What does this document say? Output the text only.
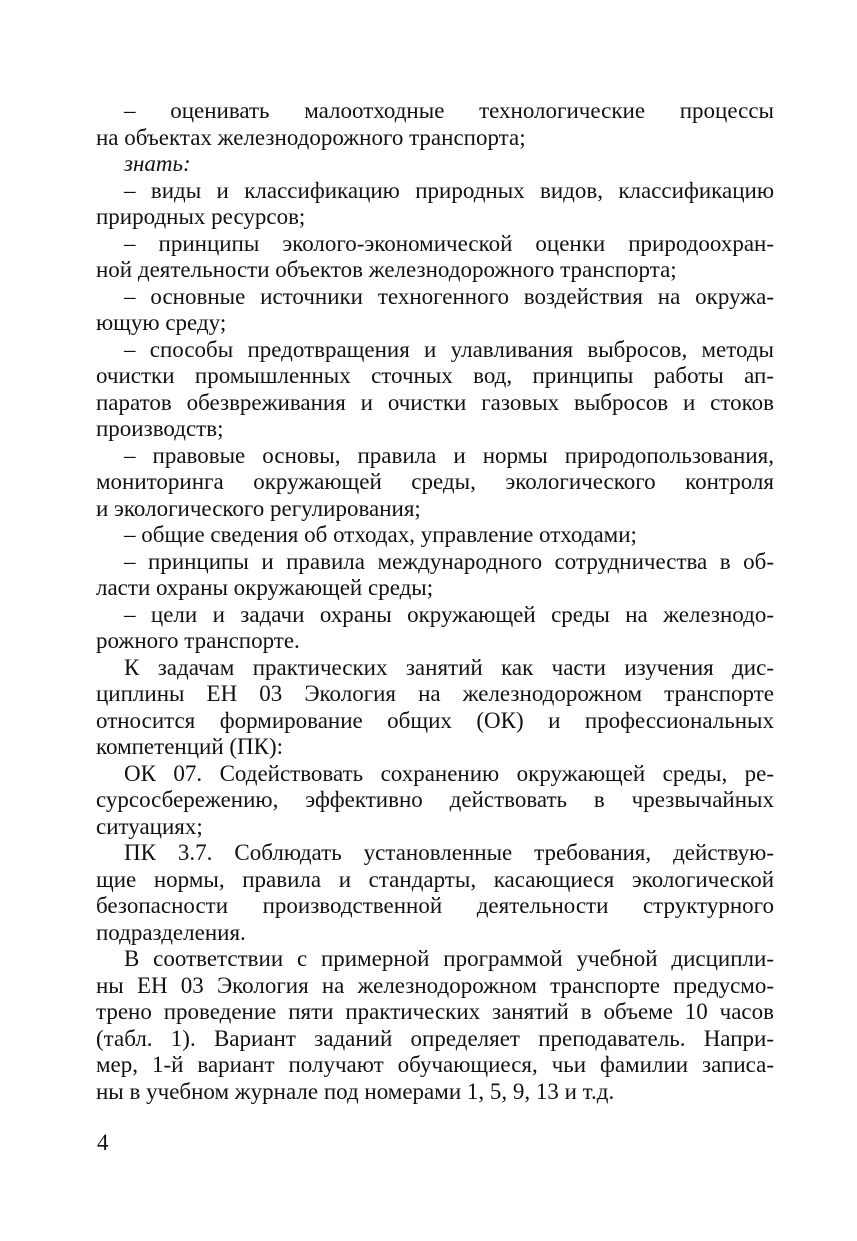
– оценивать малоотходные технологические процессы
на объектах железнодорожного транспорта;
знать:
– виды и классификацию природных видов, классификацию
природных ресурсов;
– принципы эколого-экономической оценки природоохран-
ной деятельности объектов железнодорожного транспорта;
– основные источники техногенного воздействия на окружа-
ющую среду;
– способы предотвращения и улавливания выбросов, методы
очистки промышленных сточных вод, принципы работы ап-
паратов обезвреживания и очистки газовых выбросов и стоков
производств;
– правовые основы, правила и нормы природопользования,
мониторинга окружающей среды, экологического контроля
и экологического регулирования;
– общие сведения об отходах, управление отходами;
– принципы и правила международного сотрудничества в об-
ласти охраны окружающей среды;
– цели и задачи охраны окружающей среды на железнодо-
рожного транспорте.
К задачам практических занятий как части изучения дис-
циплины ЕН 03 Экология на железнодорожном транспорте
относится формирование общих (ОК) и профессиональных
компетенций (ПК):
ОК 07. Содействовать сохранению окружающей среды, ре-
сурсосбережению, эффективно действовать в чрезвычайных
ситуациях;
ПК 3.7. Соблюдать установленные требования, действую-
щие нормы, правила и стандарты, касающиеся экологической
безопасности производственной деятельности структурного
подразделения.
В соответствии с примерной программой учебной дисципли-
ны ЕН 03 Экология на железнодорожном транспорте предусмо-
трено проведение пяти практических занятий в объеме 10 часов
(табл. 1). Вариант заданий определяет преподаватель. Напри-
мер, 1-й вариант получают обучающиеся, чьи фамилии записа-
ны в учебном журнале под номерами 1, 5, 9, 13 и т.д.
4
